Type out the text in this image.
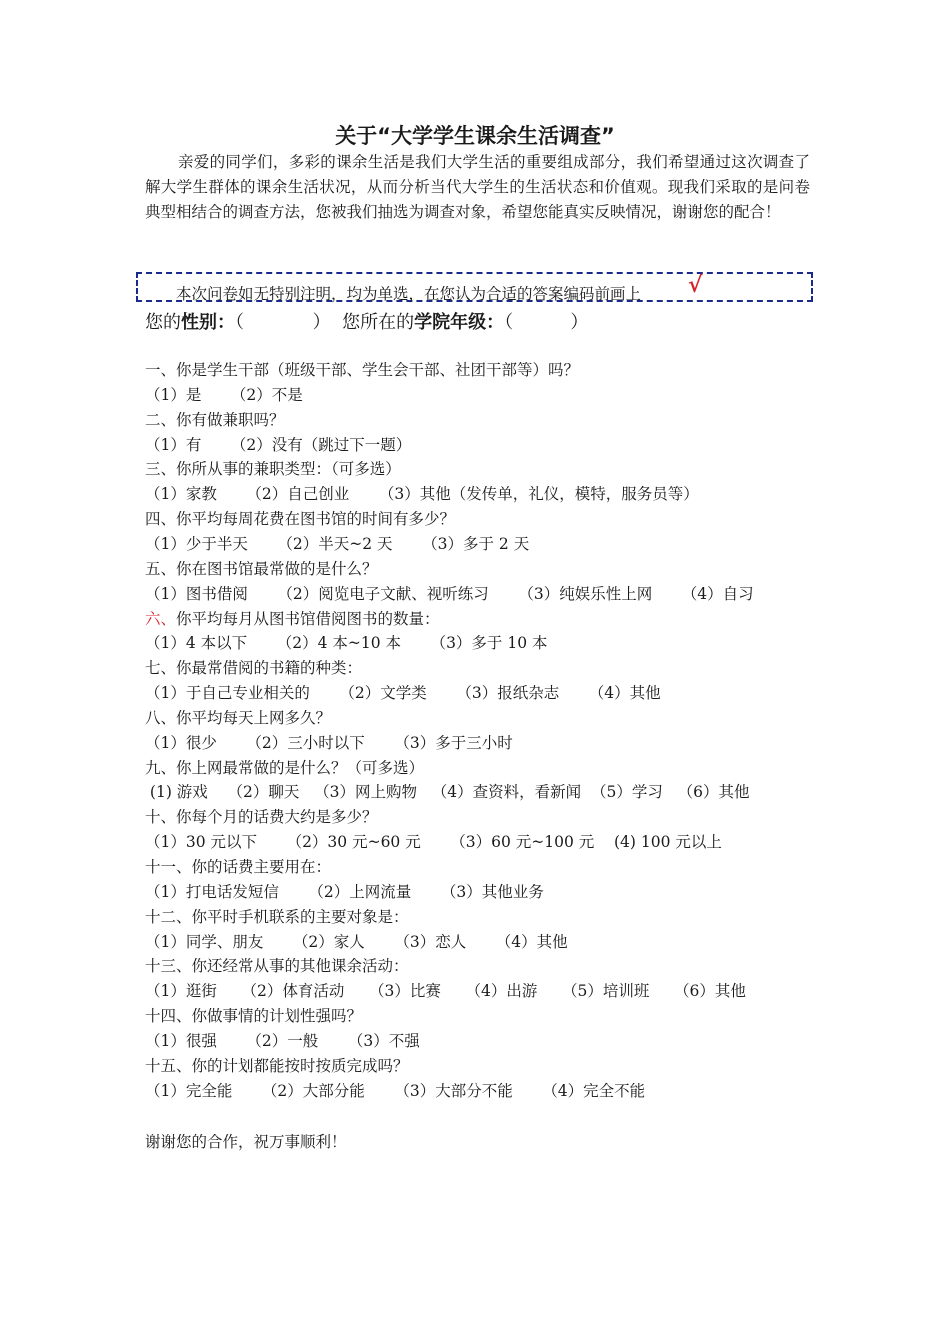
关于“大学学生课余生活调查”
亲爱的同学们，多彩的课余生活是我们大学生活的重要组成部分，我们希望通过这次调查了解大学生群体的课余生活状况，从而分析当代大学生的生活状态和价值观。现我们采取的是问卷典型相结合的调查方法，您被我们抽选为调查对象，希望您能真实反映情况，谢谢您的配合！
本次问卷如无特别注明，均为单选，在您认为合适的答案编码前画上 √
您的性别：（            ） 您所在的学院年级：（          ）
一、你是学生干部（班级干部、学生会干部、社团干部等）吗？
（1）是      （2）不是
二、你有做兼职吗？
（1）有      （2）没有（跳过下一题）
三、你所从事的兼职类型：（可多选）
（1）家教      （2）自己创业      （3）其他（发传单，礼仪，模特，服务员等）
四、你平均每周花费在图书馆的时间有多少？
（1）少于半天      （2）半天~2 天      （3）多于 2 天
五、你在图书馆最常做的是什么？
（1）图书借阅      （2）阅览电子文献、视听练习      （3）纯娱乐性上网      （4）自习
六、你平均每月从图书馆借阅图书的数量：
（1）4 本以下      （2）4 本~10 本      （3）多于 10 本
七、你最常借阅的书籍的种类：
（1）于自己专业相关的      （2）文学类      （3）报纸杂志      （4）其他
八、你平均每天上网多久？
（1）很少      （2）三小时以下      （3）多于三小时
九、你上网最常做的是什么？（可多选）
(1) 游戏    （2）聊天   （3）网上购物   （4）查资料，看新闻  （5）学习   （6）其他
十、你每个月的话费大约是多少？
（1）30 元以下      （2）30 元~60 元      （3）60 元~100 元    (4) 100 元以上
十一、你的话费主要用在：
（1）打电话发短信      （2）上网流量      （3）其他业务
十二、你平时手机联系的主要对象是：
（1）同学、朋友      （2）家人      （3）恋人      （4）其他
十三、你还经常从事的其他课余活动：
（1）逛街     （2）体育活动     （3）比赛     （4）出游     （5）培训班     （6）其他
十四、你做事情的计划性强吗？
（1）很强      （2）一般      （3）不强
十五、你的计划都能按时按质完成吗？
（1）完全能      （2）大部分能      （3）大部分不能      （4）完全不能
谢谢您的合作，祝万事顺利！
